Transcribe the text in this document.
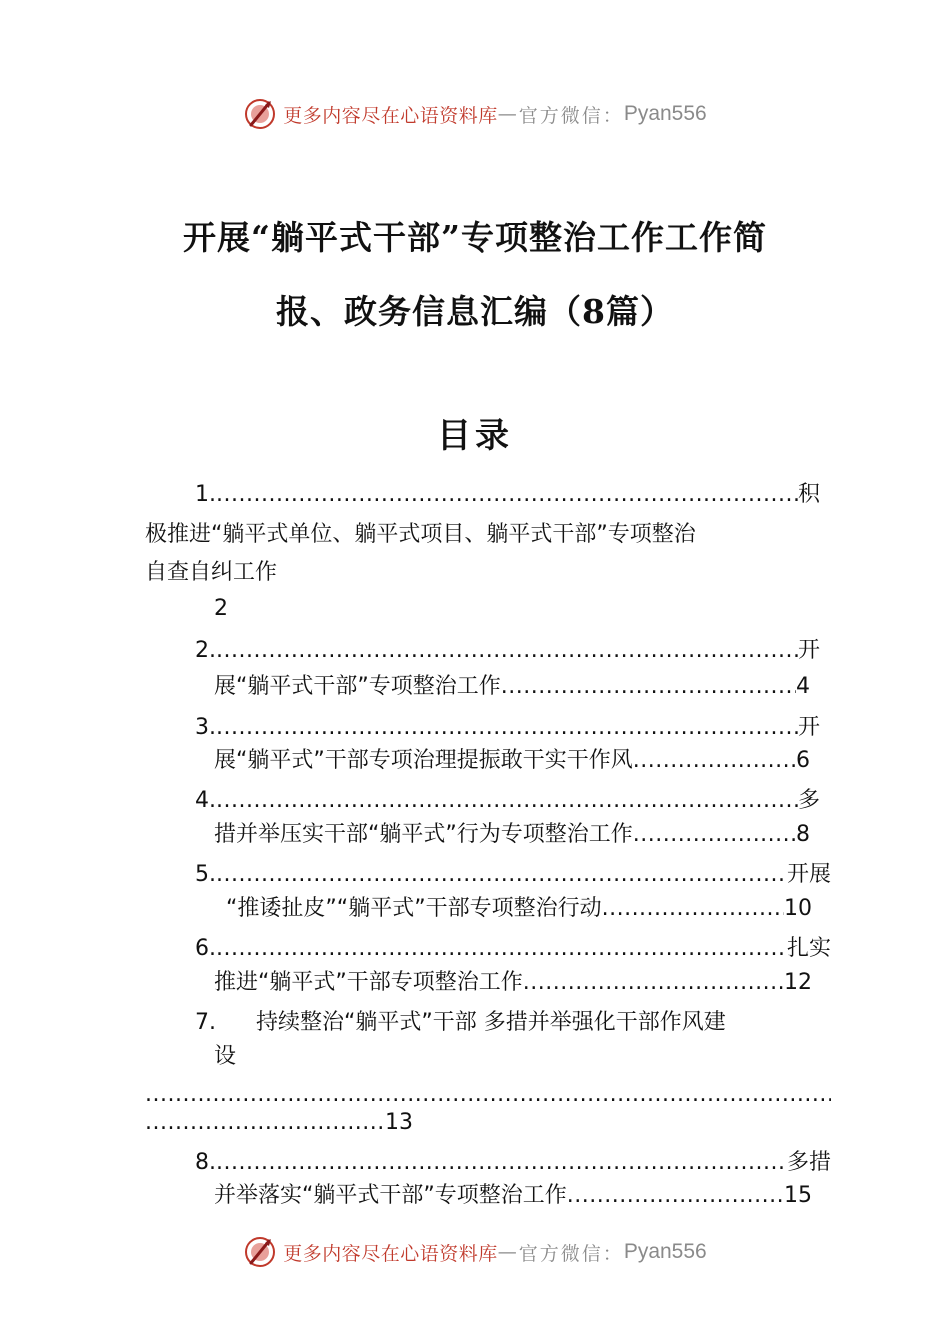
更多内容尽在心语资料库 — 官方微信： Pyan556
开展“躺平式干部”专项整治工作工作简
报、政务信息汇编（8篇）
目录
1. .....	积
极推进“躺平式单位、躺平式项目、躺平式干部”专项整治
自查自纠工作
2
2. .....	开
展“躺平式干部”专项整治工作 .....	4
3. .....	开
展“躺平式”干部专项治理提振敢干实干作风 .....	6
4. .....	多
措并举压实干部“躺平式”行为专项整治工作 .....	8
5. .....	开展
“推诿扯皮”“躺平式”干部专项整治行动 .....	10
6. .....	扎实
推进“躺平式”干部专项整治工作 .....	12
7. 持续整治“躺平式”干部 多措并举强化干部作风建
设
.....
.....
13
8. .....	多措
并举落实“躺平式干部”专项整治工作 .....	15
更多内容尽在心语资料库 — 官方微信： Pyan556
